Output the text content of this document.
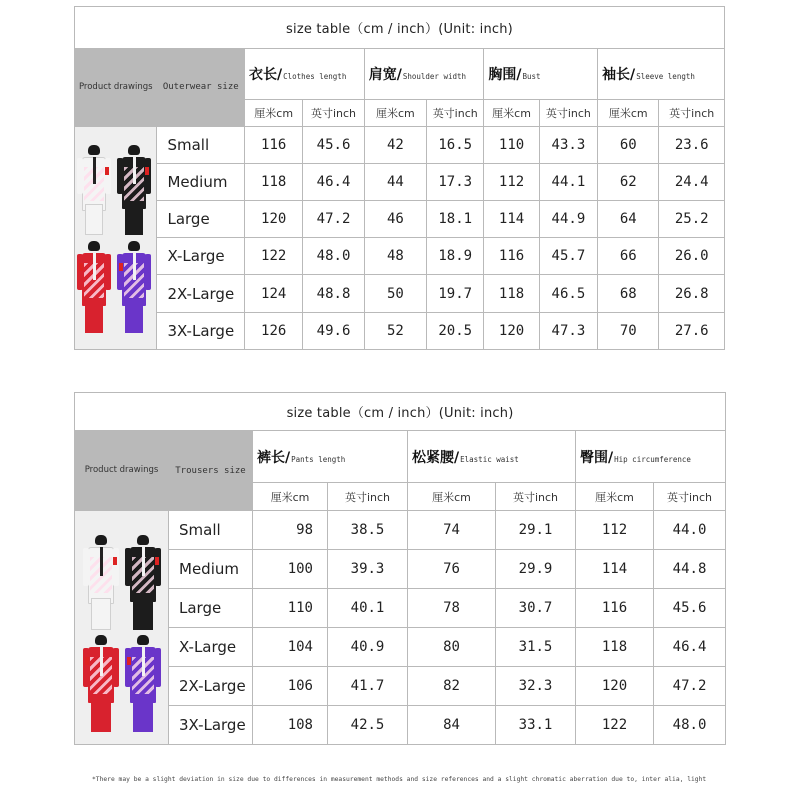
size table（cm / inch）(Unit: inch)									
Product drawings	Outerwear size	衣长/Clothes length		肩宽/Shoulder width		胸围/Bust		袖长/Sleeve length	
		厘米cm	英寸inch	厘米cm	英寸inch	厘米cm	英寸inch	厘米cm	英寸inch

	Small	116	45.6	42	16.5	110	43.3	60	23.6
	Medium	118	46.4	44	17.3	112	44.1	62	24.4
	Large	120	47.2	46	18.1	114	44.9	64	25.2
	X-Large	122	48.0	48	18.9	116	45.7	66	26.0
	2X-Large	124	48.8	50	19.7	118	46.5	68	26.8
	3X-Large	126	49.6	52	20.5	120	47.3	70	27.6
size table（cm / inch）(Unit: inch)							
Product drawings	Trousers size	裤长/Pants length		松紧腰/Elastic waist		臀围/Hip circumference	
		厘米cm	英寸inch	厘米cm	英寸inch	厘米cm	英寸inch

	Small	98	38.5	74	29.1	112	44.0
	Medium	100	39.3	76	29.9	114	44.8
	Large	110	40.1	78	30.7	116	45.6
	X-Large	104	40.9	80	31.5	118	46.4
	2X-Large	106	41.7	82	32.3	120	47.2
	3X-Large	108	42.5	84	33.1	122	48.0
*There may be a slight deviation in size due to differences in measurement methods and size references and a slight chromatic aberration due to, inter alia, light
